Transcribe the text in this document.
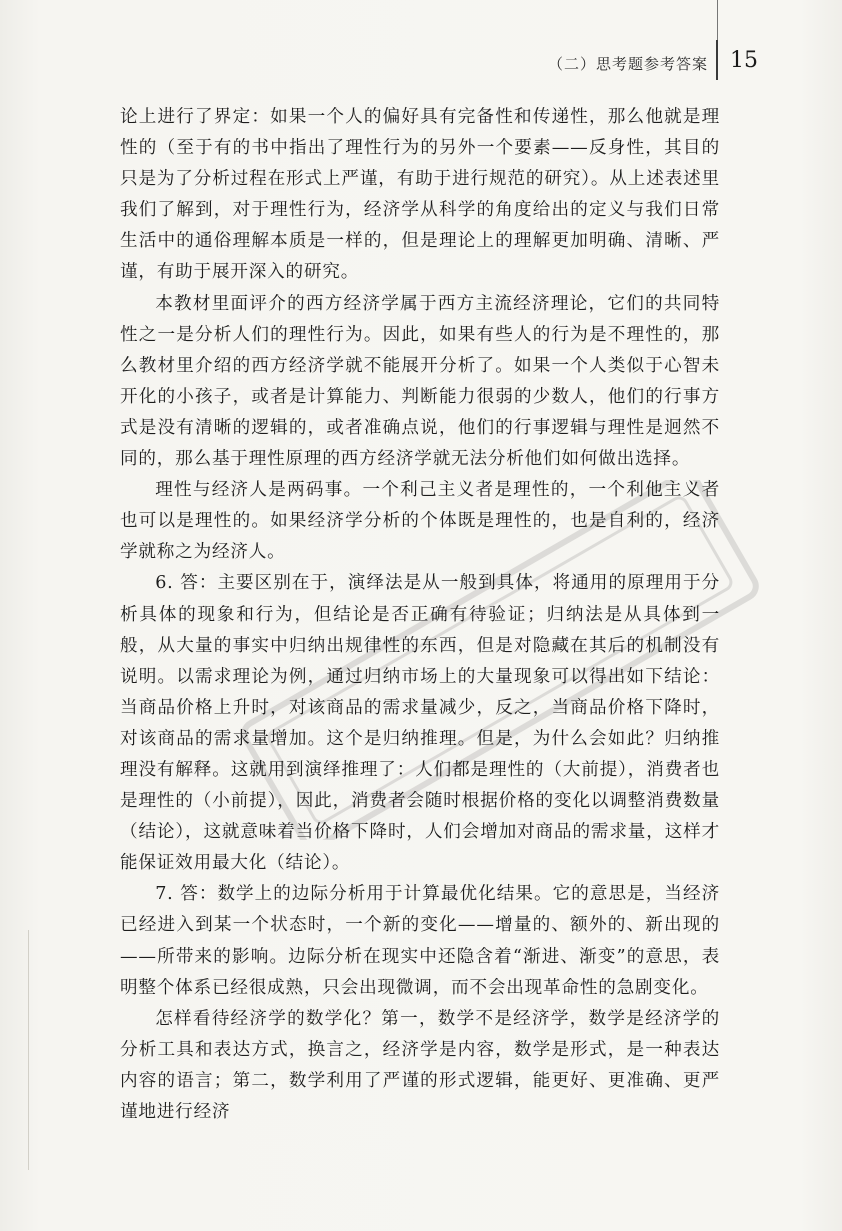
（二）思考题参考答案 15

论上进行了界定：如果一个人的偏好具有完备性和传递性，那么他就是理性的（至于有的书中指出了理性行为的另外一个要素——反身性，其目的只是为了分析过程在形式上严谨，有助于进行规范的研究）。从上述表述里我们了解到，对于理性行为，经济学从科学的角度给出的定义与我们日常生活中的通俗理解本质是一样的，但是理论上的理解更加明确、清晰、严谨，有助于展开深入的研究。

本教材里面评介的西方经济学属于西方主流经济理论，它们的共同特性之一是分析人们的理性行为。因此，如果有些人的行为是不理性的，那么教材里介绍的西方经济学就不能展开分析了。如果一个人类似于心智未开化的小孩子，或者是计算能力、判断能力很弱的少数人，他们的行事方式是没有清晰的逻辑的，或者准确点说，他们的行事逻辑与理性是迥然不同的，那么基于理性原理的西方经济学就无法分析他们如何做出选择。

理性与经济人是两码事。一个利己主义者是理性的，一个利他主义者也可以是理性的。如果经济学分析的个体既是理性的，也是自利的，经济学就称之为经济人。

6. 答：主要区别在于，演绎法是从一般到具体，将通用的原理用于分析具体的现象和行为，但结论是否正确有待验证；归纳法是从具体到一般，从大量的事实中归纳出规律性的东西，但是对隐藏在其后的机制没有说明。以需求理论为例，通过归纳市场上的大量现象可以得出如下结论：当商品价格上升时，对该商品的需求量减少，反之，当商品价格下降时，对该商品的需求量增加。这个是归纳推理。但是，为什么会如此？归纳推理没有解释。这就用到演绎推理了：人们都是理性的（大前提），消费者也是理性的（小前提），因此，消费者会随时根据价格的变化以调整消费数量（结论），这就意味着当价格下降时，人们会增加对商品的需求量，这样才能保证效用最大化（结论）。

7. 答：数学上的边际分析用于计算最优化结果。它的意思是，当经济已经进入到某一个状态时，一个新的变化——增量的、额外的、新出现的——所带来的影响。边际分析在现实中还隐含着“渐进、渐变”的意思，表明整个体系已经很成熟，只会出现微调，而不会出现革命性的急剧变化。

怎样看待经济学的数学化？第一，数学不是经济学，数学是经济学的分析工具和表达方式，换言之，经济学是内容，数学是形式，是一种表达内容的语言；第二，数学利用了严谨的形式逻辑，能更好、更准确、更严谨地进行经济
